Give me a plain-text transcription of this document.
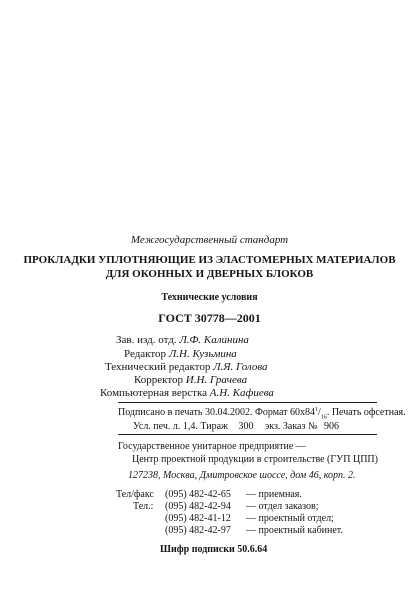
Межгосударственный стандарт
ПРОКЛАДКИ УПЛОТНЯЮЩИЕ ИЗ ЭЛАСТОМЕРНЫХ МАТЕРИАЛОВ
ДЛЯ ОКОННЫХ И ДВЕРНЫХ БЛОКОВ
Технические условия
ГОСТ 30778—2001
Зав. изд. отд. Л.Ф. Калинина
Редактор Л.Н. Кузьмина
Технический редактор Л.Я. Голова
Корректор И.Н. Грачева
Компьютерная верстка А.Н. Кафиева
Подписано в печать 30.04.2002. Формат $60x84^1/_{16}$. Печать офсетная.
Усл. печ. л. 1,4. Тираж 300 экз. Заказ № 906
Государственное унитарное предприятие —
Центр проектной продукции в строительстве (ГУП ЦПП)
127238, Москва, Дмитровское шоссе, дом 46, корп. 2.
Тел/факс (095) 482-42-65 — приемная.
Тел.: (095) 482-42-94 — отдел заказов;
(095) 482-41-12 — проектный отдел;
(095) 482-42-97 — проектный кабинет.
Шифр подписки 50.6.64
